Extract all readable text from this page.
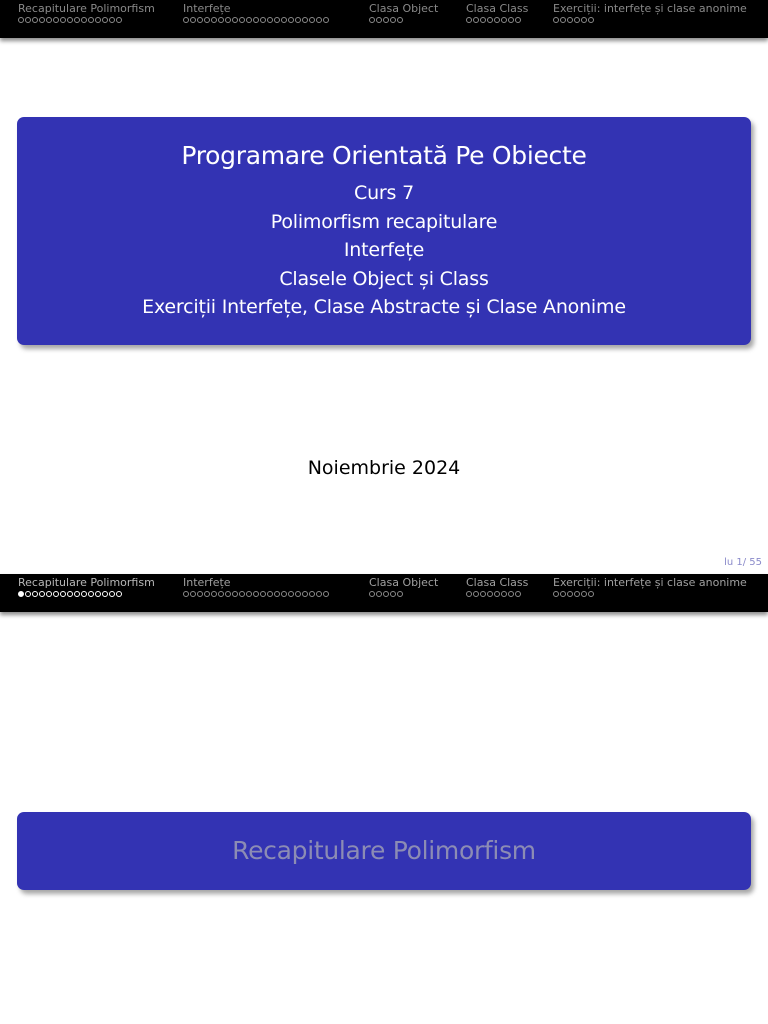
Recapitulare Polimorfism	Interfețe	Clasa Object	Clasa Class Exerciții: interfețe și clase anonime
Programare Orientată Pe Obiecte
Curs 7
Polimorfism recapitulare
Interfețe
Clasele Object și Class
Exerciții Interfețe, Clase Abstracte și Clase Anonime
Noiembrie 2024
lu 1/ 55
Recapitulare Polimorfism	Interfețe	Clasa Object	Clasa Class Exerciții: interfețe și clase anonime
Recapitulare Polimorfism
